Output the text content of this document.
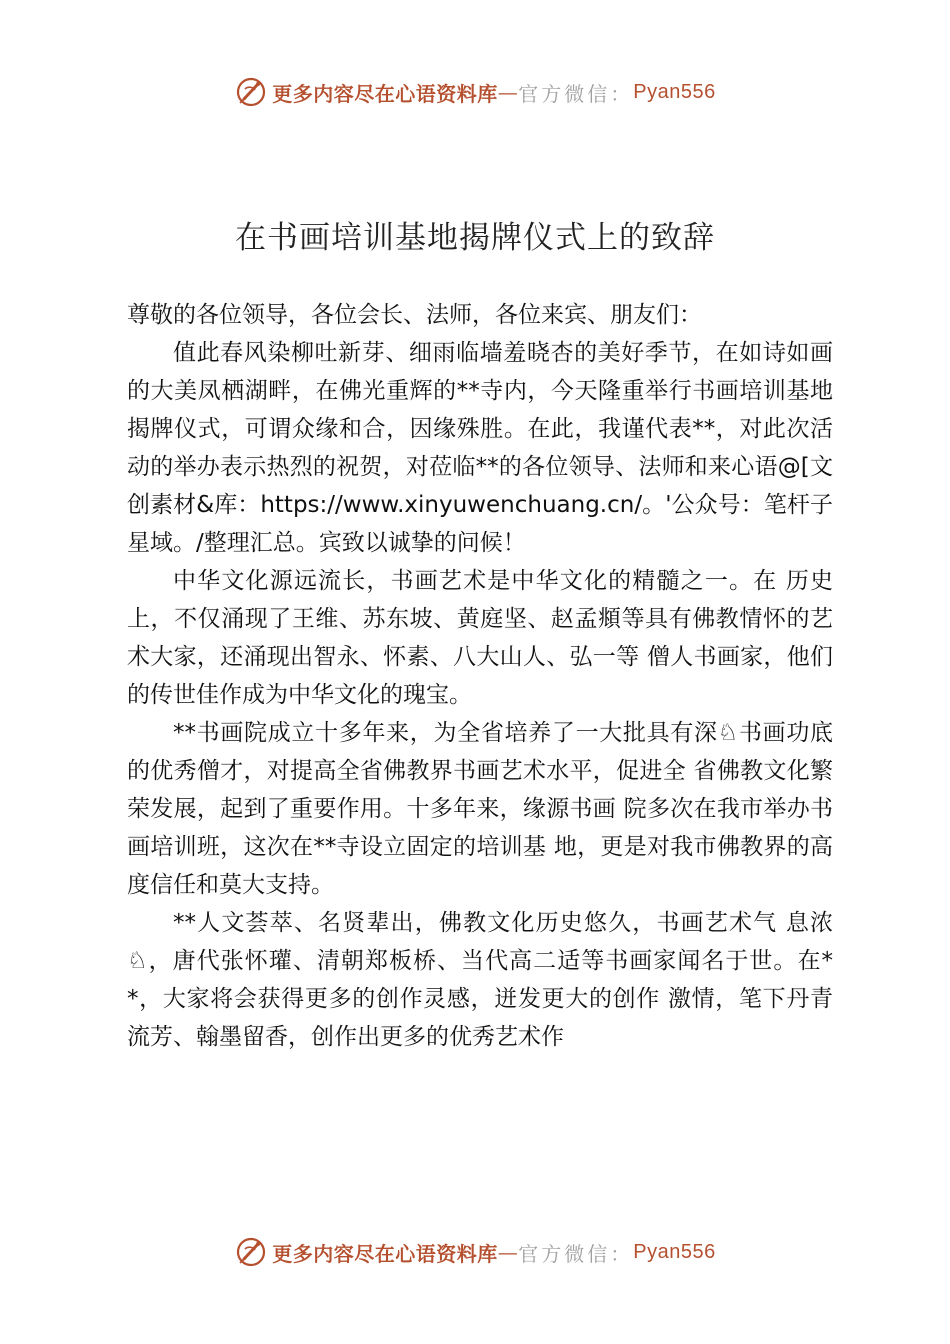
更多内容尽在心语资料库 — 官方微信： Pyan556
在书画培训基地揭牌仪式上的致辞

尊敬的各位领导，各位会长、法师，各位来宾、朋友们：

值此春风染柳吐新芽、细雨临墙羞晓杏的美好季节，在如诗如画的大美凤栖湖畔，在佛光重辉的**寺内，今天隆重举行书画培训基地揭牌仪式，可谓众缘和合，因缘殊胜。在此，我谨代表**，对此次活动的举办表示热烈的祝贺，对莅临**的各位领导、法师和来心语@[文创素材&库：https://www.xinyuwenchuang.cn/。'公众号：笔杆子星域。/整理汇总。宾致以诚挚的问候！

中华文化源远流长，书画艺术是中华文化的精髓之一。在 历史上，不仅涌现了王维、苏东坡、黄庭坚、赵孟頫等具有佛教情怀的艺术大家，还涌现出智永、怀素、八大山人、弘一等 僧人书画家，他们的传世佳作成为中华文化的瑰宝。

**书画院成立十多年来，为全省培养了一大批具有深♘书画功底的优秀僧才，对提高全省佛教界书画艺术水平，促进全 省佛教文化繁荣发展，起到了重要作用。十多年来，缘源书画 院多次在我市举办书画培训班，这次在**寺设立固定的培训基 地，更是对我市佛教界的高度信任和莫大支持。

**人文荟萃、名贤辈出，佛教文化历史悠久，书画艺术气 息浓♘，唐代张怀瓘、清朝郑板桥、当代高二适等书画家闻名于世。在**，大家将会获得更多的创作灵感，迸发更大的创作 激情，笔下丹青流芳、翰墨留香，创作出更多的优秀艺术作

更多内容尽在心语资料库 — 官方微信： Pyan556
